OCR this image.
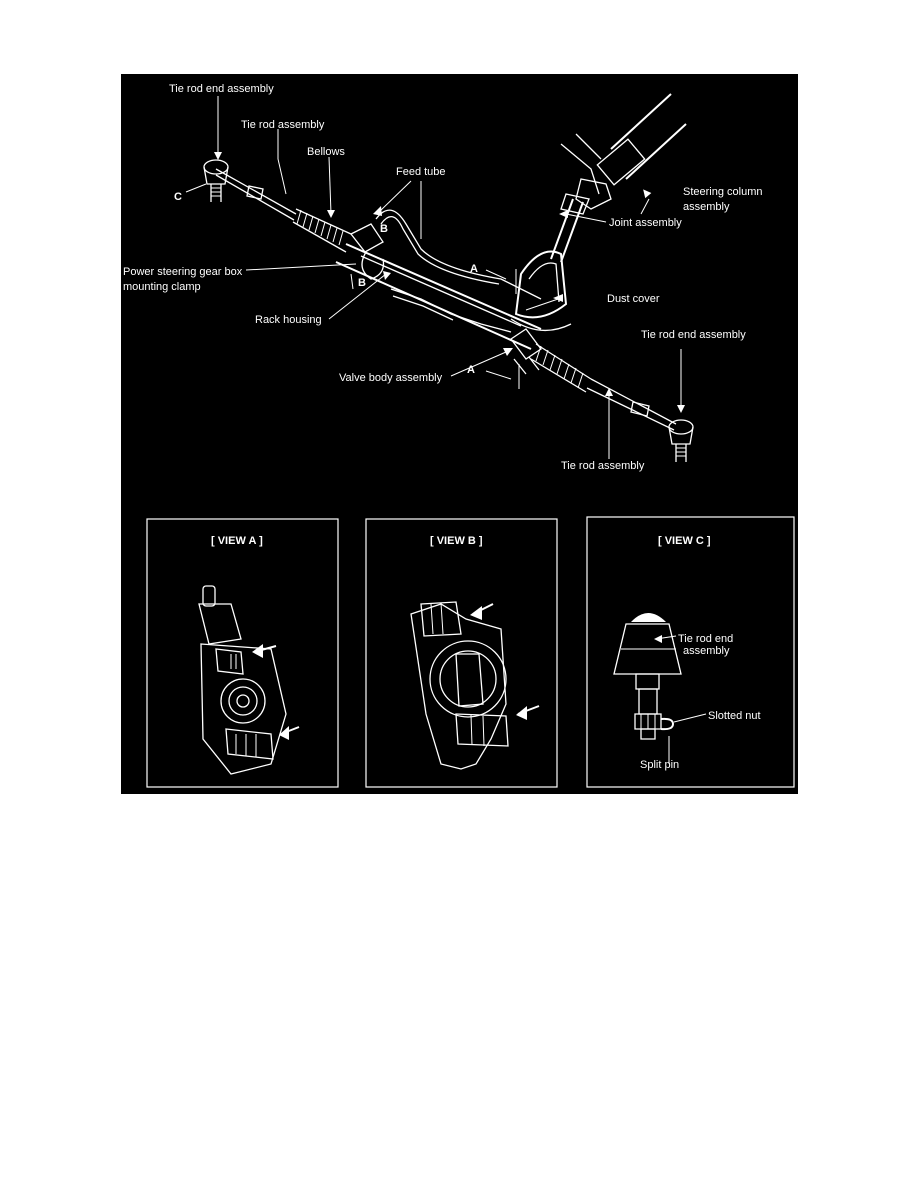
Tie rod end assembly
Tie rod assembly
Bellows
Feed tube
Steering column
assembly
Joint assembly
Power steering gear box
mounting clamp
Dust cover
Rack housing
Tie rod end assembly
Valve body assembly
Tie rod assembly
A
A
B
B
C
[ VIEW A ]	[ VIEW B ]	[ VIEW C ]
Tie rod end
assembly
Slotted nut
Split pin
